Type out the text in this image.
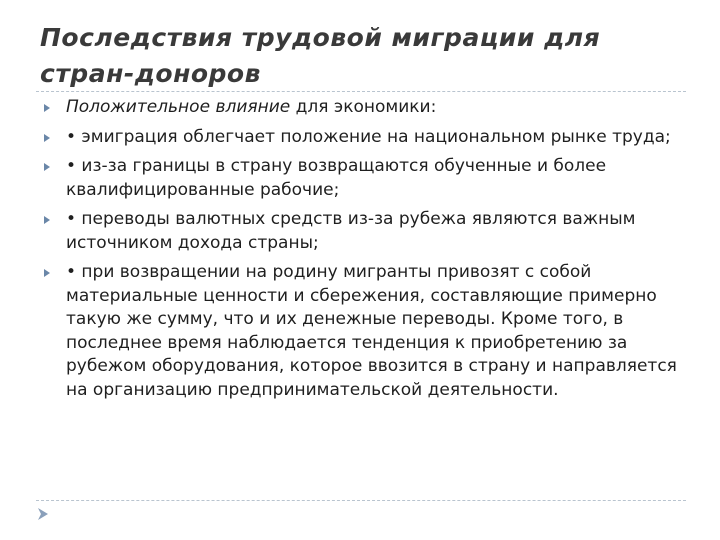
Последствия трудовой миграции для стран-доноров
Положительное влияние для экономики:
• эмиграция облегчает положение на национальном рынке труда;
• из-за границы в страну возвращаются обученные и более квалифицированные рабочие;
• переводы валютных средств из-за рубежа являются важным источником дохода страны;
• при возвращении на родину мигранты привозят с собой материальные ценности и сбережения, составляющие примерно такую же сумму, что и их денежные переводы. Кроме того, в последнее время наблюдается тенденция к приобретению за рубежом оборудования, которое ввозится в страну и направляется на организацию предпринимательской деятельности.
